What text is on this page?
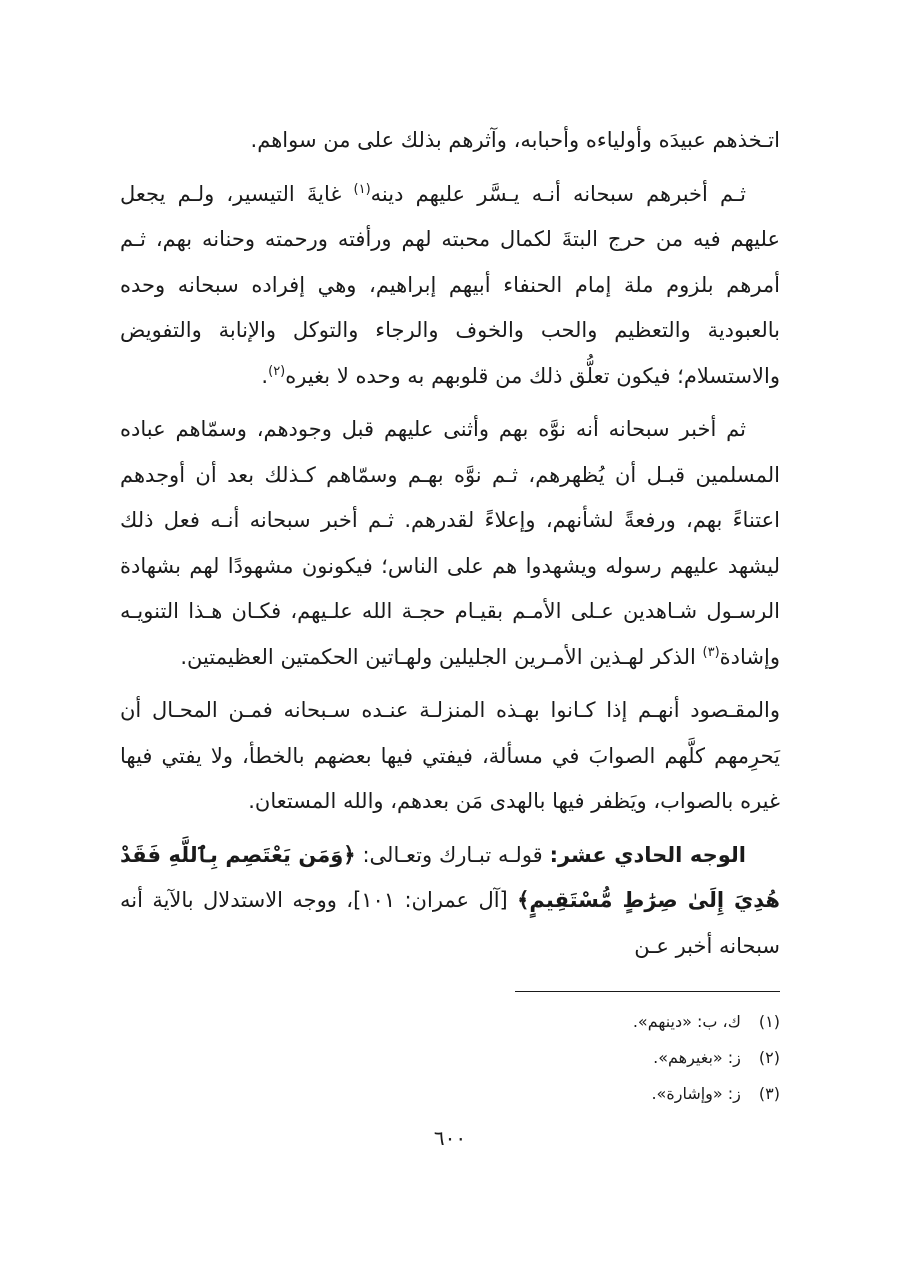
اتـخذهم عبيدَه وأولياءه وأحبابه، وآثرهم بذلك على من سواهم.

ثـم أخبرهم سبحانه أنـه يـسَّر عليهم دينه$^{(١)}$ غايةَ التيسير، ولـم يجعل عليهم فيه من حرج البتةَ لكمال محبته لهم ورأفته ورحمته وحنانه بهم، ثـم أمرهم بلزوم ملة إمام الحنفاء أبيهم إبراهيم، وهي إفراده سبحانه وحده بالعبودية والتعظيم والحب والخوف والرجاء والتوكل والإنابة والتفويض والاستسلام؛ فيكون تعلُّق ذلك من قلوبهم به وحده لا بغيره$^{(٢)}$.

ثم أخبر سبحانه أنه نوَّه بهم وأثنى عليهم قبل وجودهم، وسمّاهم عباده المسلمين قبـل أن يُظهرهم، ثـم نوَّه بهـم وسمّاهم كـذلك بعد أن أوجدهم اعتناءً بهم، ورفعةً لشأنهم، وإعلاءً لقدرهم. ثـم أخبر سبحانه أنـه فعل ذلك ليشهد عليهم رسوله ويشهدوا هم على الناس؛ فيكونون مشهودًا لهم بشهادة الرسـول شـاهدين عـلى الأمـم بقيـام حجـة الله علـيهم، فكـان هـذا التنويـه وإشادة$^{(٣)}$ الذكر لهـذين الأمـرين الجليلين ولهـاتين الحكمتين العظيمتين.

والمقـصود أنهـم إذا كـانوا بهـذه المنزلـة عنـده سـبحانه فمـن المحـال أن يَحرِمهم كلَّهم الصوابَ في مسألة، فيفتي فيها بعضهم بالخطأ، ولا يفتي فيها غيره بالصواب، ويَظفر فيها بالهدى مَن بعدهم، والله المستعان.

الوجه الحادي عشر: قولـه تبـارك وتعـالى: ﴿وَمَن يَعْتَصِم بِٱللَّهِ فَقَدْ هُدِيَ إِلَىٰ صِرَٰطٍ مُّسْتَقِيمٍ﴾ [آل عمران: ١٠١]، ووجه الاستدلال بالآية أنه سبحانه أخبر عـن

(١) ك، ب: «دينهم».
(٢) ز: «بغيرهم».
(٣) ز: «وإشارة».
٦٠٠
